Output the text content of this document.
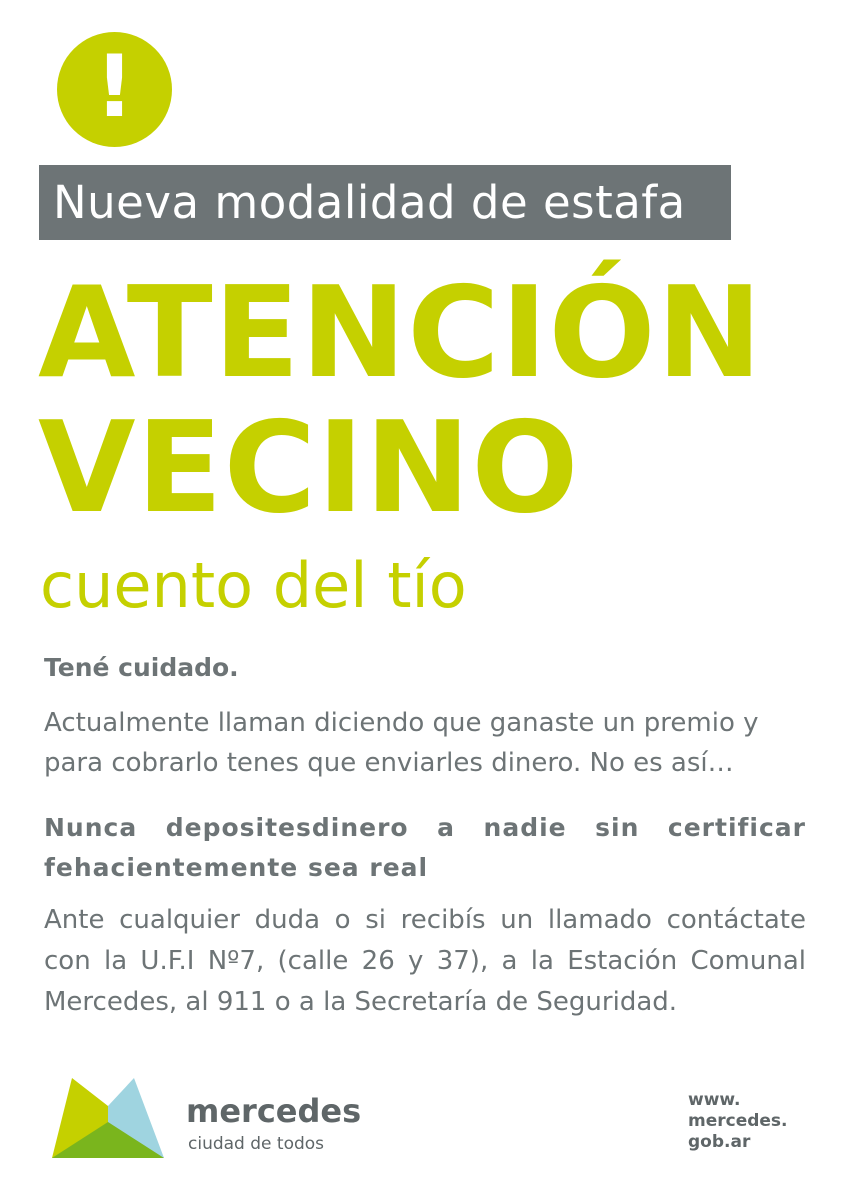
!
Nueva modalidad de estafa
ATENCIÓN
VECINO
cuento del tío

Tené cuidado.

Actualmente llaman diciendo que ganaste un premio y para cobrarlo tenes que enviarles dinero. No es así…

Nunca depositesdinero a nadie sin certificar fehacientemente sea real

Ante cualquier duda o si recibís un llamado contáctate con la U.F.I Nº7, (calle 26 y 37), a la Estación Comunal Mercedes, al 911 o a la Secretaría de Seguridad.

mercedes
ciudad de todos
www.
mercedes.
gob.ar
